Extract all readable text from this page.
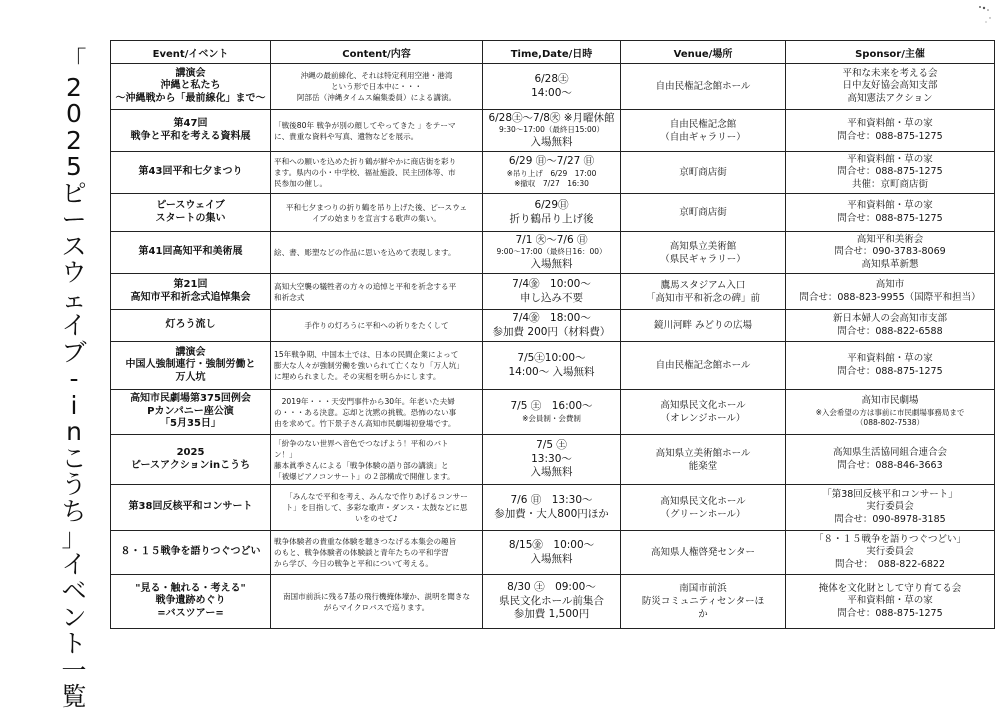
「
2
0
2
5
ピ
ー
ス
ウ
ェ
イ
ブ
-
i
n
こ
う
ち
」
イ
ベ
ン
ト
一
覧
Event/イベント	Content/内容	Time,Date/日時	Venue/場所	Sponsor/主催

講演会
沖縄と私たち
～沖縄戦から「最前線化」まで～	沖縄の最前線化、それは特定利用空港・港湾
という形で日本中に・・・
阿部岳（沖縄タイムス編集委員）による講演。	6/28㊏
14:00～	自由民権記念館ホール	平和な未来を考える会
日中友好協会高知支部
高知憲法アクション

第47回
戦争と平和を考える資料展	「戦後80年 戦争が別の顔してやってきた 」をテーマ
に、貴重な資料や写真、遺物などを展示。	6/28㊏～7/8㊋ ※月曜休館
9:30～17:00（最終日15:00）
入場無料	自由民権記念館
（自由ギャラリー）	平和資料館・草の家
問合せ：088-875-1275

第43回平和七夕まつり	平和への願いを込めた折り鶴が鮮やかに商店街を彩り
ます。県内の小・中学校、福祉施設、民主団体等、市
民参加の催し。	6/29 ㊐～7/27 ㊐
※吊り上げ　6/29　17:00
※撤収　7/27　16:30	京町商店街	平和資料館・草の家
問合せ：088-875-1275
共催：京町商店街

ピースウェイブ
スタートの集い	平和七夕まつりの折り鶴を吊り上げた後、ピースウェ
イブの始まりを宣言する歌声の集い。	6/29㊐
折り鶴吊り上げ後	京町商店街	平和資料館・草の家
問合せ：088-875-1275

第41回高知平和美術展	絵、書、彫塑などの作品に思いを込めて表現します。	7/1 ㊋～7/6 ㊐
9:00～17:00（最終日16：00）
入場無料	高知県立美術館
（県民ギャラリー）	高知平和美術会
問合せ：090-3783-8069
高知県革新懇

第21回
高知市平和祈念式追悼集会	高知大空襲の犠牲者の方々の追悼と平和を祈念する平
和祈念式	7/4㊎　10:00～
申し込み不要	鷹馬スタジアム入口
「高知市平和祈念の碑」前	高知市
問合せ：088-823-9955（国際平和担当）

灯ろう流し	手作りの灯ろうに平和への祈りをたくして	7/4㊎　18:00～
参加費 200円（材料費）	鏡川河畔 みどりの広場	新日本婦人の会高知市支部
問合せ：088-822-6588

講演会
中国人強制連行・強制労働と
万人坑	15年戦争期、中国本土では、日本の民間企業によって
膨大な人々が強制労働を強いられて亡くなり「万人坑」
に埋められました。その実相を明らかにします。	7/5㊏10:00～
14:00～ 入場無料	自由民権記念館ホール	平和資料館・草の家
問合せ：088-875-1275

高知市民劇場第375回例会
Pカンパニー座公演
「5月35日」	　2019年・・・天安門事件から30年。年老いた夫婦
の・・・ある決意。忘却と沈黙の挑戦。恐怖のない事
由を求めて。竹下景子さん高知市民劇場初登場です。	7/5 ㊏　16:00～
※会員制・会費制	高知県民文化ホール
（オレンジホール）	高知市民劇場
※入会希望の方は事前に市民劇場事務局まで
（088-802-7538）

2025
ピースアクションinこうち	「紛争のない世界へ音色でつなげよう！平和のバト
ン！」
藤本眞季さんによる「戦争体験の語り部の講演」と
「被爆ピアノコンサート」の２部構成で開催します。	7/5 ㊏
13:30～
入場無料	高知県立美術館ホール
能楽堂	高知県生活協同組合連合会
問合せ：088-846-3663

第38回反核平和コンサート	「みんなで平和を考え、みんなで作りあげるコンサー
ト」を目指して、多彩な歌声・ダンス・太鼓などに思
いをのせて♪	7/6 ㊐　13:30～
参加費・大人800円ほか	高知県民文化ホール
（グリーンホール）	「第38回反核平和コンサート」
実行委員会
問合せ：090-8978-3185

８・１５戦争を語りつぐつどい	戦争体験者の貴重な体験を聴きつなげる本集会の趣旨
のもと、戦争体験者の体験談と青年たちの平和学習
から学び、今日の戦争と平和について考える。	8/15㊎　10:00～
入場無料	高知県人権啓発センター	「８・１５戦争を語りつぐつどい」
実行委員会
問合せ：　088-822-6822

"見る・触れる・考える"
戦争遺跡めぐり
=バスツアー=	南国市前浜に残る7基の飛行機掩体壕か、説明を聞きな
がらマイクロバスで巡ります。	8/30 ㊏　09:00～
県民文化ホール前集合
参加費 1,500円	南国市前浜
防災コミュニティセンターほ
か	掩体を文化財として守り育てる会
平和資料館・草の家
問合せ：088-875-1275
